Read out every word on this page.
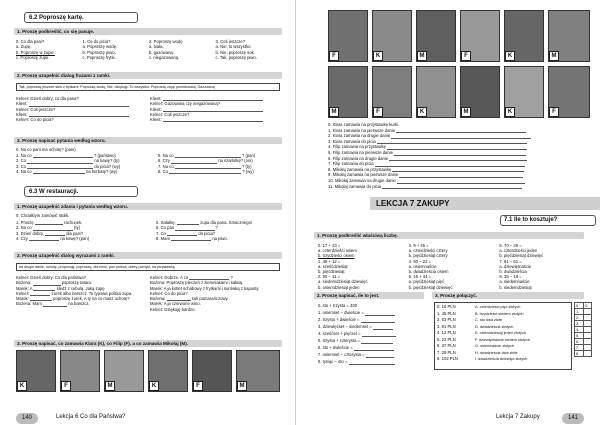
6.2 Poproszę kartę.
1. Proszę podkreślić, co się pasuje.
0. Co dla pani?
a. Zupę.
b. Poproszę w zupie.
c. Poproszę zupe.
1. Co do picia?
a. Poproszę wodę.
b. Poproszę piwo.
c. Poproszę frytki.
2. Poproszę wodę
a. biała.
b. gazowaną.
c. niegazowaną.
3. Coś jeszcze?
a. Nie, to wszystko.
b. Nie, poproszę sok.
c. Tak, poproszę piwo.
2. Proszę uzupełnić dialog frazami z ramki.
Tak, poproszę jeszcze stek z frytkami; Poproszę wodę; Nie, dziękuję. To wszystko; Poproszę zupę pomidorową; Gazowaną
Kelner: Dzień dobry, co dla pana?
Klient:
Kelner: Coś jeszcze?
Klient:
Kelner: Co do picia?
Klient:
Kelner: Gazowaną czy niegazowaną?
Klient:
Kelner: Coś jeszcze?
Klient:
3. Proszę napisać pytania według wzoru.
0. Na co pani ma ochotę? (pani)
1. Na co	? (państwo)
2. Co	na kawę? (ty)
3. Co	do picia? (wy)
4. Na co	na herbatę? (wy)
5. Na co	? (pan)
6. Czy	na szarlotkę? (oni)
7. Na co	? (ty)
8. Co	? (wy)
6.3 W restauracji.
1. Proszę uzupełnić zdania i pytania według wzoru.
0. Chciałbym zamówić stolik.
1. Proszę	rachunek.
2. Na co	(ty)
3. Dzień dobry,	dla pani?
4. Czy	na kawę? (pan)
5. Sałatkę,	zupa dla pana. Smacznego!
6. Co pan	?
7. Co	do picia?
8. Mam	na piwo.
2. Proszę uzupełnić dialog wyrazami z ramki.
na drugie danie, ochotę, proponuję, poproszę, dla mnie, pan poleca, dobry pomysł, na przystawkę
Kelner: Dzień dobry. Co dla państwa?
Bożena:	poproszę tatara.
Marek: A	śledź z cebulą. Jaką zupę
Kelner:	żurek albo barszcz. To typowa polska zupa.
Marek:	poproszę żurek. A ty na co masz ochotę?
Bożena: Mam	na barszcz.
Kelner: Dobrze. A co	?
Bożena: Poproszę pieczeń z ziemniakami i sałatą.
Marek: A ja kotlet schabowy z frytkami i surówką z kapusty.
Kelner: Co do picia?
Bożena:	sok pomarańczowy.
Marek: A ja czerwone wino.
Kelner: Dziękuję bardzo.
3. Proszę napisać, co zamawia Klara (K), co Filip (F), a co zamawia Mikołaj (M).
K	F	M	K	F	M
140	Lekcja 6 Co dla Państwa?
F	K	M	F	K	M
M	F	K	M	K	F
0. Klara zamawia na przystawkę kurki.
1. Klara zamawia na pierwsze danie
2. Klara zamawia na drugie danie
3. Klara zamawia do picia
4. Filip zamawia na przystawkę
5. Filip zamawia na pierwsze danie
6. Filip zamawia na drugie danie
7. Filip zamawia do picia
8. Mikołaj zamawia na przystawkę
9. Mikołaj zamawia na pierwsze danie
10. Mikołaj zamawia na drugie danie
11. Mikołaj zamawia do picia
LEKCJA 7 ZAKUPY
7.1 Ile to kosztuje?
1. Proszę podkreślić właściwą liczbę.
0. 17 + 23 =
a. czterdzieści osiem
b. trzydzieści osiem
1. 48 + 12 =
a. sześćdziesiąt
b. pięćdziesiąt
2. 90 − 11 =
a. siedemdziesiąt dziewięć
b. osiemdziesiąt jeden
3. 9 + 45 =
a. czterdzieści cztery
b. pięćdziesiąt cztery
4. 50 − 22 =
a. osiemnaście
b. dwadzieścia osiem
5. 15 + 44 =
a. pięćdziesiąt pięć
b. pięćdziesiąt dziewięć
6. 70 − 29 =
a. czterdzieści jeden
b. pięćdziesiąt dziewięć
7. 81 − 61 =
a. dziewiętnaście
b. dwadzieścia
8. 35 − 18 =
a. siedemnaście
b. siedemdziesiąt
2. Proszę napisać, ile to jest.
0. sto + trzysta = 400
1. osiemset − dwieście =
2. trzysta + dwieście =
3. dziewięćset − siedemset =
4. sześćset + pięćset =
5. trzysta + czterysta =
6. sto + dwieście =
7. osiemset − czterysta =
8. tysiąc − sto =
3. Proszę połączyć.
0. 18 PLN
1. 45 PLN
2. 63 PLN
3. 81 PLN
4. 12 PLN
5. 22 PLN
6. 37 PLN
7. 29 PLN
8. 102 PLN
A. czterdzieści pięć złotych
B. trzydzieści siedem złotych
C. sto dwa złote
D. dwadzieścia złotych
E. osiemdziesiąt jeden złotych
F. dziewiętnaście siedem złotych
G. osiemnaście złotych
H. dwadzieścia dwa złote
I. dwadzieścia dziewięć złotych
0.	G
1.	
2.	
3.	
4.	
5.	
6.	
7.	
8.	
Lekcja 7 Zakupy	141
